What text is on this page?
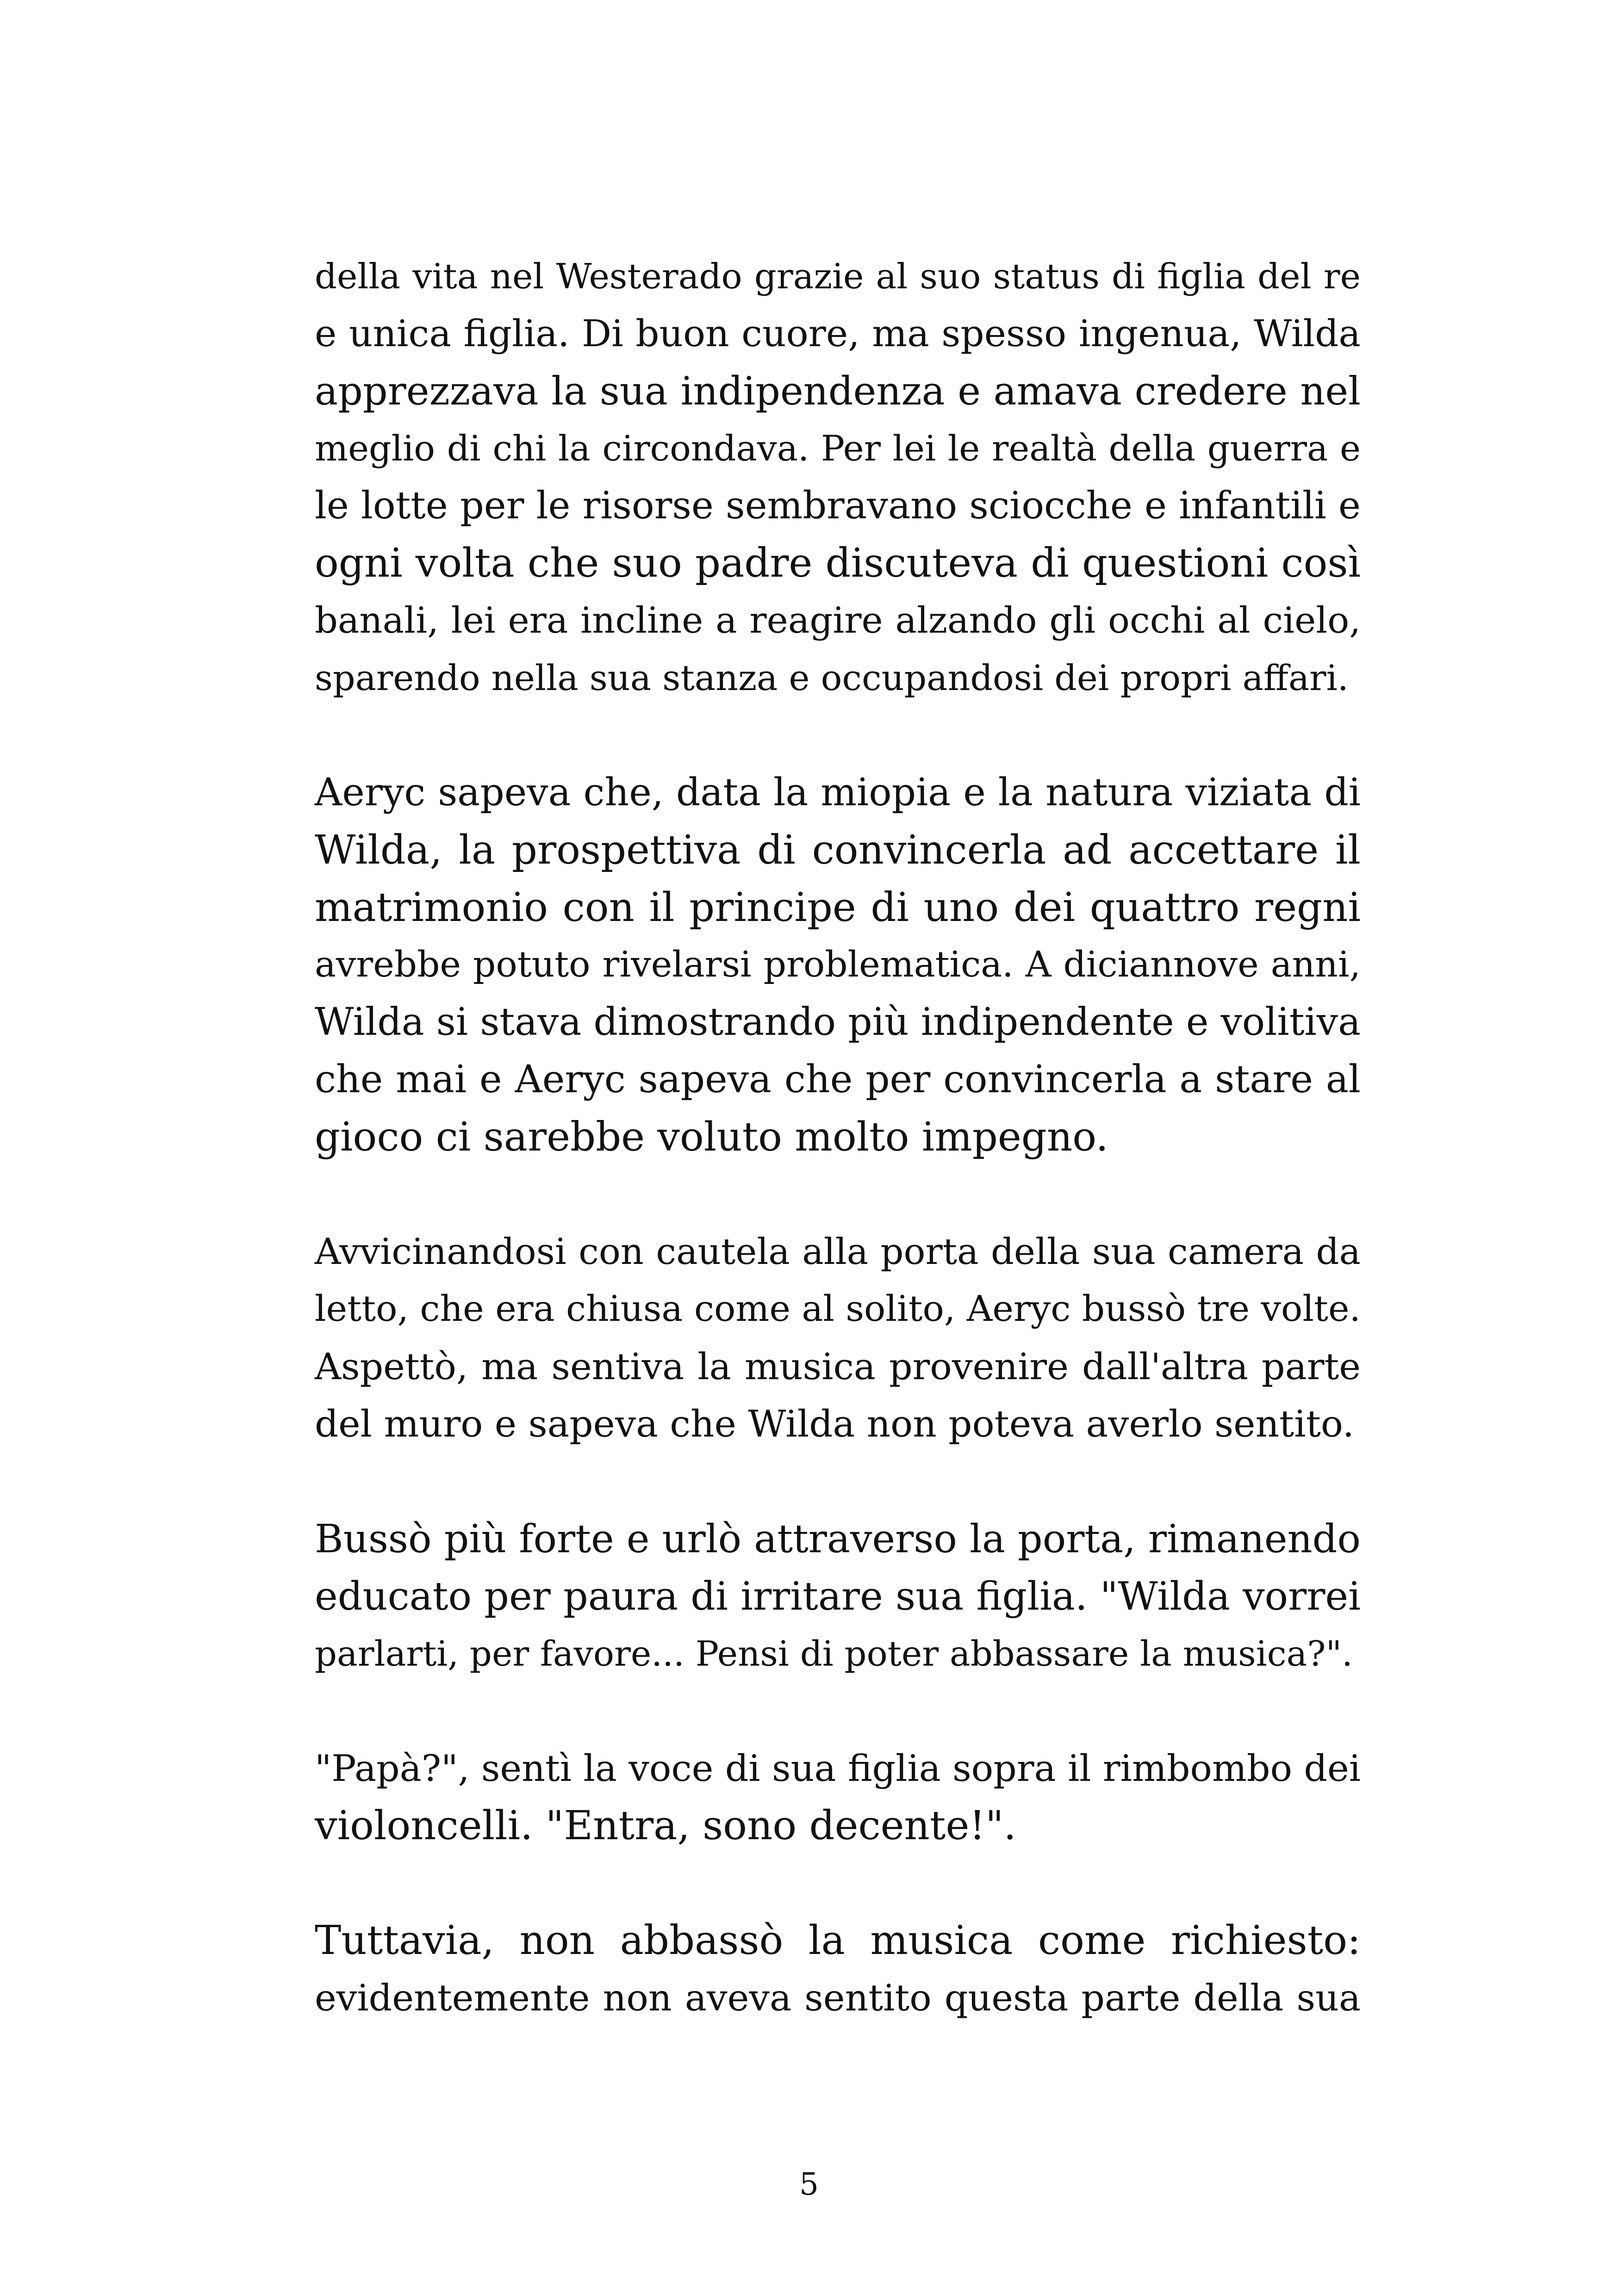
della vita nel Westerado grazie al suo status di figlia del re
e unica figlia. Di buon cuore, ma spesso ingenua, Wilda
apprezzava la sua indipendenza e amava credere nel
meglio di chi la circondava. Per lei le realtà della guerra e
le lotte per le risorse sembravano sciocche e infantili e
ogni volta che suo padre discuteva di questioni così
banali, lei era incline a reagire alzando gli occhi al cielo,
sparendo nella sua stanza e occupandosi dei propri affari.
Aeryc sapeva che, data la miopia e la natura viziata di
Wilda, la prospettiva di convincerla ad accettare il
matrimonio con il principe di uno dei quattro regni
avrebbe potuto rivelarsi problematica. A diciannove anni,
Wilda si stava dimostrando più indipendente e volitiva
che mai e Aeryc sapeva che per convincerla a stare al
gioco ci sarebbe voluto molto impegno.
Avvicinandosi con cautela alla porta della sua camera da
letto, che era chiusa come al solito, Aeryc bussò tre volte.
Aspettò, ma sentiva la musica provenire dall'altra parte
del muro e sapeva che Wilda non poteva averlo sentito.
Bussò più forte e urlò attraverso la porta, rimanendo
educato per paura di irritare sua figlia. "Wilda vorrei
parlarti, per favore... Pensi di poter abbassare la musica?".
"Papà?", sentì la voce di sua figlia sopra il rimbombo dei
violoncelli. "Entra, sono decente!".
Tuttavia, non abbassò la musica come richiesto:
evidentemente non aveva sentito questa parte della sua
5
